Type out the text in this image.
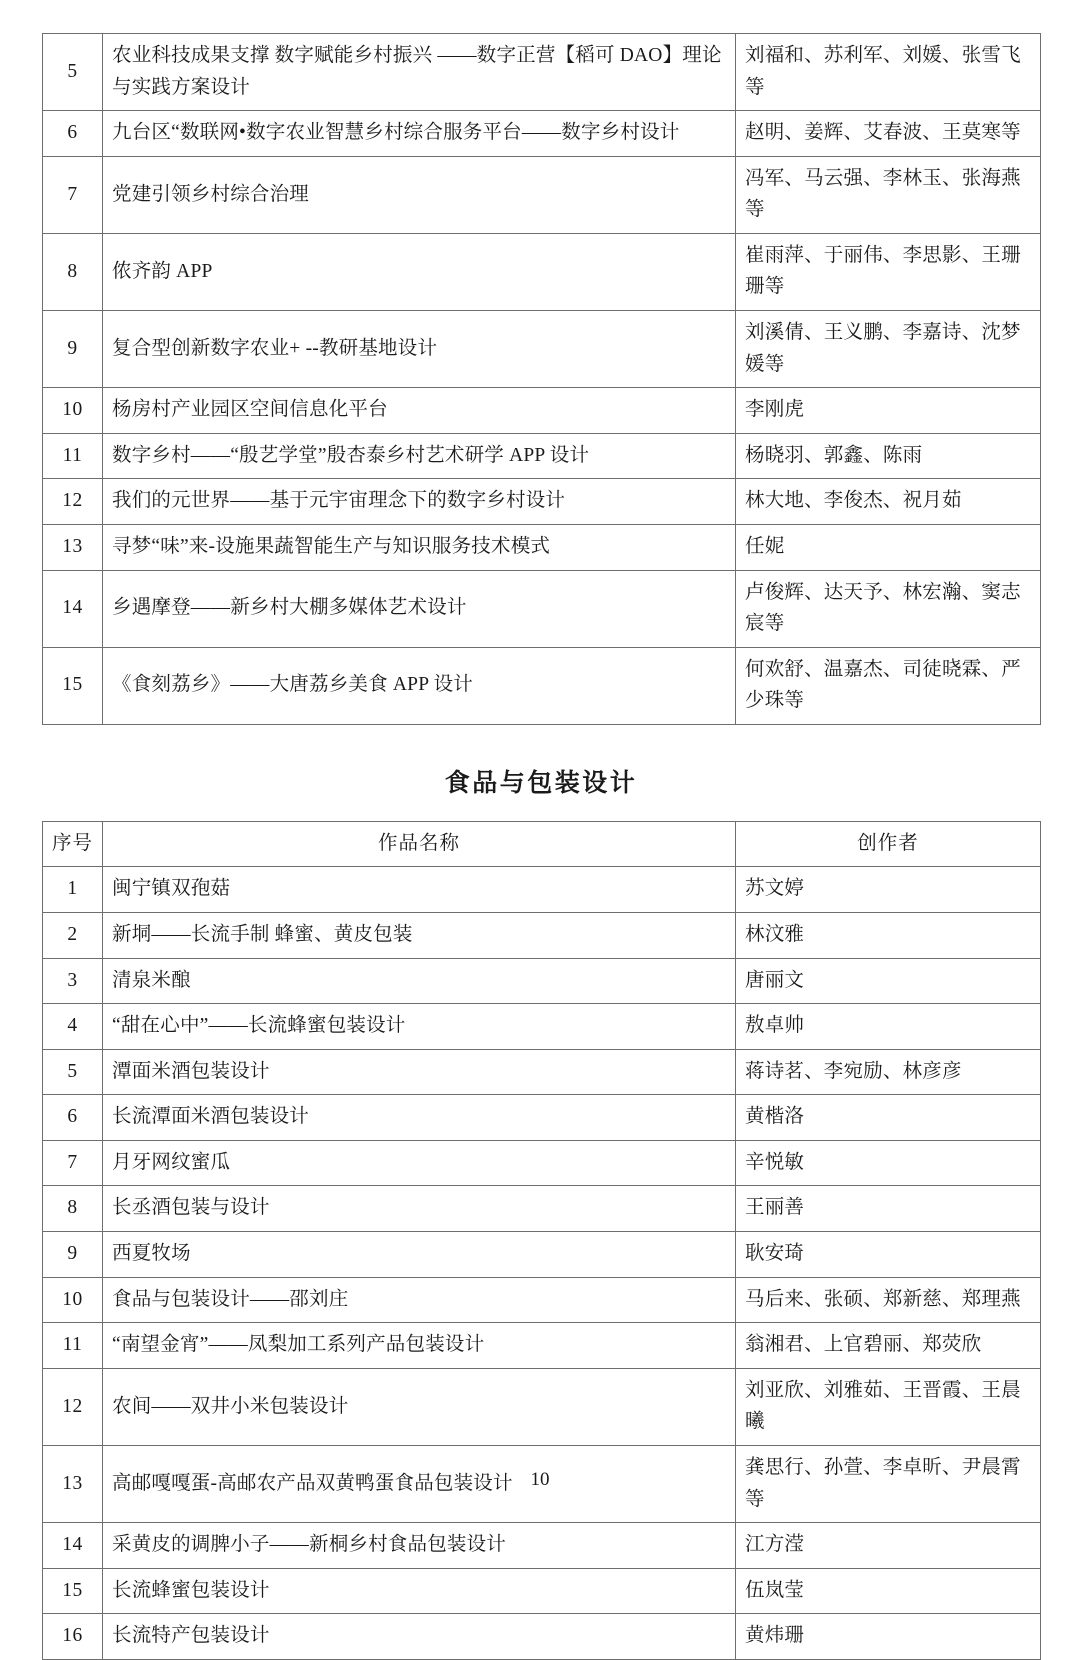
5	农业科技成果支撑 数字赋能乡村振兴 ——数字正营【稻可 DAO】理论与实践方案设计	刘福和、苏利军、刘媛、张雪飞等
6	九台区“数联网•数字农业智慧乡村综合服务平台——数字乡村设计	赵明、姜辉、艾春波、王莫寒等
7	党建引领乡村综合治理	冯军、马云强、李林玉、张海燕等
8	侬齐韵 APP	崔雨萍、于丽伟、李思影、王珊珊等
9	复合型创新数字农业+ --教研基地设计	刘溪倩、王义鹏、李嘉诗、沈梦媛等
10	杨房村产业园区空间信息化平台	李刚虎
11	数字乡村——“殷艺学堂”殷杏泰乡村艺术研学 APP 设计	杨晓羽、郭鑫、陈雨
12	我们的元世界——基于元宇宙理念下的数字乡村设计	林大地、李俊杰、祝月茹
13	寻梦“味”来-设施果蔬智能生产与知识服务技术模式	任妮
14	乡遇摩登——新乡村大棚多媒体艺术设计	卢俊辉、达天予、林宏瀚、窦志宸等
15	《食刻荔乡》——大唐荔乡美食 APP 设计	何欢舒、温嘉杰、司徒晓霖、严少珠等
食品与包装设计
序号	作品名称	创作者
1	闽宁镇双孢菇	苏文婷
2	新垌——长流手制 蜂蜜、黄皮包装	林汶雅
3	清泉米酿	唐丽文
4	“甜在心中”——长流蜂蜜包装设计	敖卓帅
5	潭面米酒包装设计	蒋诗茗、李宛励、林彦彦
6	长流潭面米酒包装设计	黄楷洛
7	月牙网纹蜜瓜	辛悦敏
8	长丞酒包装与设计	王丽善
9	西夏牧场	耿安琦
10	食品与包装设计——邵刘庄	马后来、张硕、郑新慈、郑理燕
11	“南望金宵”——凤梨加工系列产品包装设计	翁湘君、上官碧丽、郑荧欣
12	农间——双井小米包装设计	刘亚欣、刘雅茹、王晋霞、王晨曦
13	高邮嘎嘎蛋-高邮农产品双黄鸭蛋食品包装设计	龚思行、孙萱、李卓昕、尹晨霄等
14	采黄皮的调脾小子——新桐乡村食品包装设计	江方滢
15	长流蜂蜜包装设计	伍岚莹
16	长流特产包装设计	黄炜珊
10
